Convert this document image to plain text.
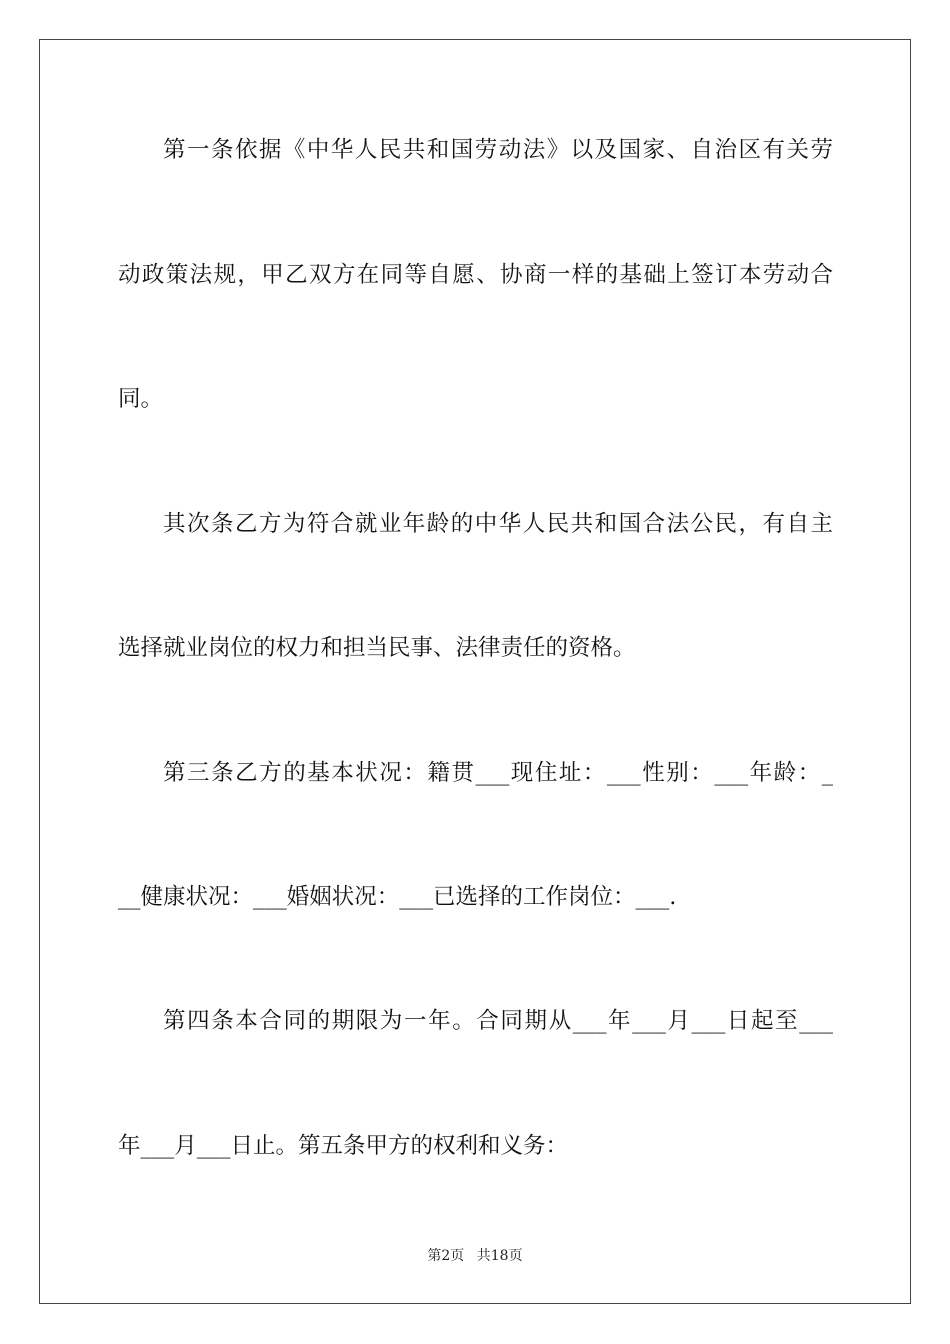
第一条依据《中华人民共和国劳动法》以及国家、自治区有关劳
动政策法规，甲乙双方在同等自愿、协商一样的基础上签订本劳动合
同。
其次条乙方为符合就业年龄的中华人民共和国合法公民，有自主
选择就业岗位的权力和担当民事、法律责任的资格。
第三条乙方的基本状况：籍贯___现住址：___性别：___年龄：_
__健康状况：___婚姻状况：___已选择的工作岗位：___.
第四条本合同的期限为一年。合同期从___年___月___日起至___
年___月___日止。第五条甲方的权利和义务：
第2页 共18页
